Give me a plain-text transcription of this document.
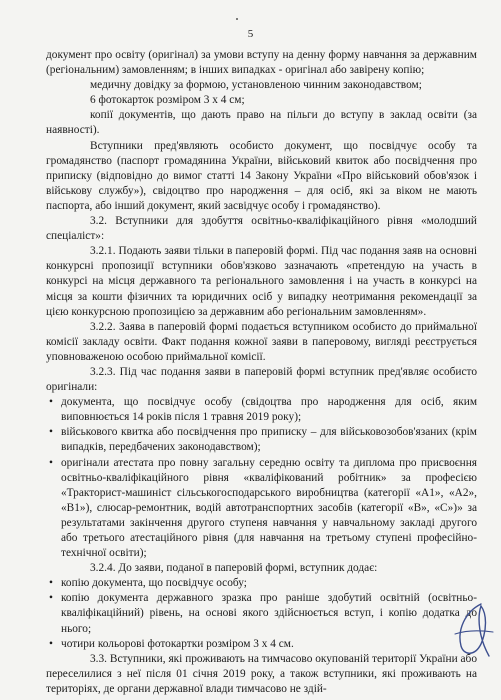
5

документ про освіту (оригінал) за умови вступу на денну форму навчання за державним (регіональним) замовленням; в інших випадках - оригінал або завірену копію;

медичну довідку за формою, установленою чинним законодавством;

6 фотокарток розміром 3 х 4 см;

копії документів, що дають право на пільги до вступу в заклад освіти (за наявності).

Вступники пред'являють особисто документ, що посвідчує особу та громадянство (паспорт громадянина України, військовий квиток або посвідчення про приписку (відповідно до вимог статті 14 Закону України «Про військовий обов'язок і військову службу»), свідоцтво про народження – для осіб, які за віком не мають паспорта, або інший документ, який засвідчує особу і громадянство).

3.2. Вступники для здобуття освітньо-кваліфікаційного рівня «молодший спеціаліст»:

3.2.1. Подають заяви тільки в паперовій формі. Під час подання заяв на основні конкурсні пропозиції вступники обов'язково зазначають «претендую на участь в конкурсі на місця державного та регіонального замовлення і на участь в конкурсі на місця за кошти фізичних та юридичних осіб у випадку неотримання рекомендації за цією конкурсною пропозицією за державним або регіональним замовленням».

3.2.2. Заява в паперовій формі подається вступником особисто до приймальної комісії закладу освіти. Факт подання кожної заяви в паперовому, вигляді реєструється уповноваженою особою приймальної комісії.

3.2.3. Під час подання заяви в паперовій формі вступник пред'являє особисто оригінали:

• документа, що посвідчує особу (свідоцтва про народження для осіб, яким виповнюється 14 років після 1 травня 2019 року);

• військового квитка або посвідчення про приписку – для військовозобов'язаних (крім випадків, передбачених законодавством);

• оригінали атестата про повну загальну середню освіту та диплома про присвоєння освітньо-кваліфікаційного рівня «кваліфікований робітник» за професією «Тракторист-машиніст сільськогосподарського виробництва (категорії «А1», «А2», «В1»), слюсар-ремонтник, водій автотранспортних засобів (категорії «В», «С»)» за результатами закінчення другого ступеня навчання у навчальному закладі другого або третього атестаційного рівня (для навчання на третьому ступені професійно-технічної освіти);

3.2.4. До заяви, поданої в паперовій формі, вступник додає:

• копію документа, що посвідчує особу;

• копію документа державного зразка про раніше здобутий освітній (освітньо-кваліфікаційний) рівень, на основі якого здійснюється вступ, і копію додатка до нього;

• чотири кольорові фотокартки розміром 3 х 4 см.

3.3. Вступники, які проживають на тимчасово окупованій території України або переселилися з неї після 01 січня 2019 року, а також вступники, які проживають на територіях, де органи державної влади тимчасово не здій-
